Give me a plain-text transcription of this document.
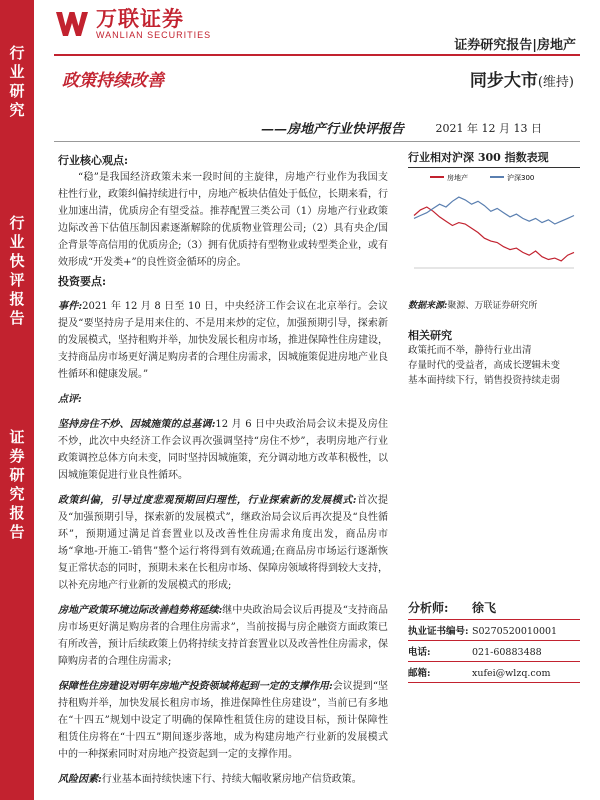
行
业
研
究
行
业
快
评
报
告
证
券
研
究
报
告
万联证券
WANLIAN SECURITIES
证券研究报告|房地产
政策持续改善	同步大市(维持)
——房地产行业快评报告	2021 年 12 月 13 日
行业核心观点:
“稳”是我国经济政策未来一段时间的主旋律，房地产行业作为我国支柱性行业，政策纠偏持续进行中，房地产板块估值处于低位，长期来看，行业加速出清，优质房企有望受益。推荐配置三类公司（1）房地产行业政策边际改善下估值压制因素逐渐解除的优质物业管理公司;（2）具有央企/国企背景等高信用的优质房企;（3）拥有优质持有型物业或转型类企业，或有效形成“开发类+”的良性资金循环的房企。
投资要点:
事件:2021 年 12 月 8 日至 10 日，中央经济工作会议在北京举行。会议提及“要坚持房子是用来住的、不是用来炒的定位，加强预期引导，探索新的发展模式，坚持租购并举，加快发展长租房市场，推进保障性住房建设，支持商品房市场更好满足购房者的合理住房需求，因城施策促进房地产业良性循环和健康发展。”
点评:
坚持房住不炒、因城施策的总基调:12 月 6 日中央政治局会议未提及房住不炒，此次中央经济工作会议再次强调坚持“房住不炒”，表明房地产行业政策调控总体方向未变，同时坚持因城施策，充分调动地方改革积极性，以因城施策促进行业良性循环。
政策纠偏，引导过度悲观预期回归理性，行业探索新的发展模式:首次提及“加强预期引导，探索新的发展模式”，继政治局会议后再次提及“良性循环”，预期通过满足首套置业以及改善性住房需求角度出发，商品房市场“拿地-开施工-销售”整个运行将得到有效疏通;在商品房市场运行逐渐恢复正常状态的同时，预期未来在长租房市场、保障房领域将得到较大支持，以补充房地产行业新的发展模式的形成;
房地产政策环境边际改善趋势将延续:继中央政治局会议后再提及“支持商品房市场更好满足购房者的合理住房需求”，当前按揭与房企融资方面政策已有所改善，预计后续政策上仍将持续支持首套置业以及改善性住房需求，保障购房者的合理住房需求;
保障性住房建设对明年房地产投资领域将起到一定的支撑作用:会议提到“坚持租购并举，加快发展长租房市场，推进保障性住房建设”，当前已有多地在“十四五”规划中设定了明确的保障性租赁住房的建设目标，预计保障性租赁住房将在“十四五”期间逐步落地，成为构建房地产行业新的发展模式中的一种探索同时对房地产投资起到一定的支撑作用。
风险因素:行业基本面持续快速下行、持续大幅收紧房地产信贷政策。
行业相对沪深 300 指数表现
房地产	沪深300
数据来源:聚源、万联证券研究所
相关研究
政策托而不举，静待行业出清
存量时代的受益者，高成长逻辑未变
基本面持续下行，销售投资持续走弱
分析师:	徐飞
执业证书编号: S0270520010001
电话:	021-60883488
邮箱:	xufei@wlzq.com
